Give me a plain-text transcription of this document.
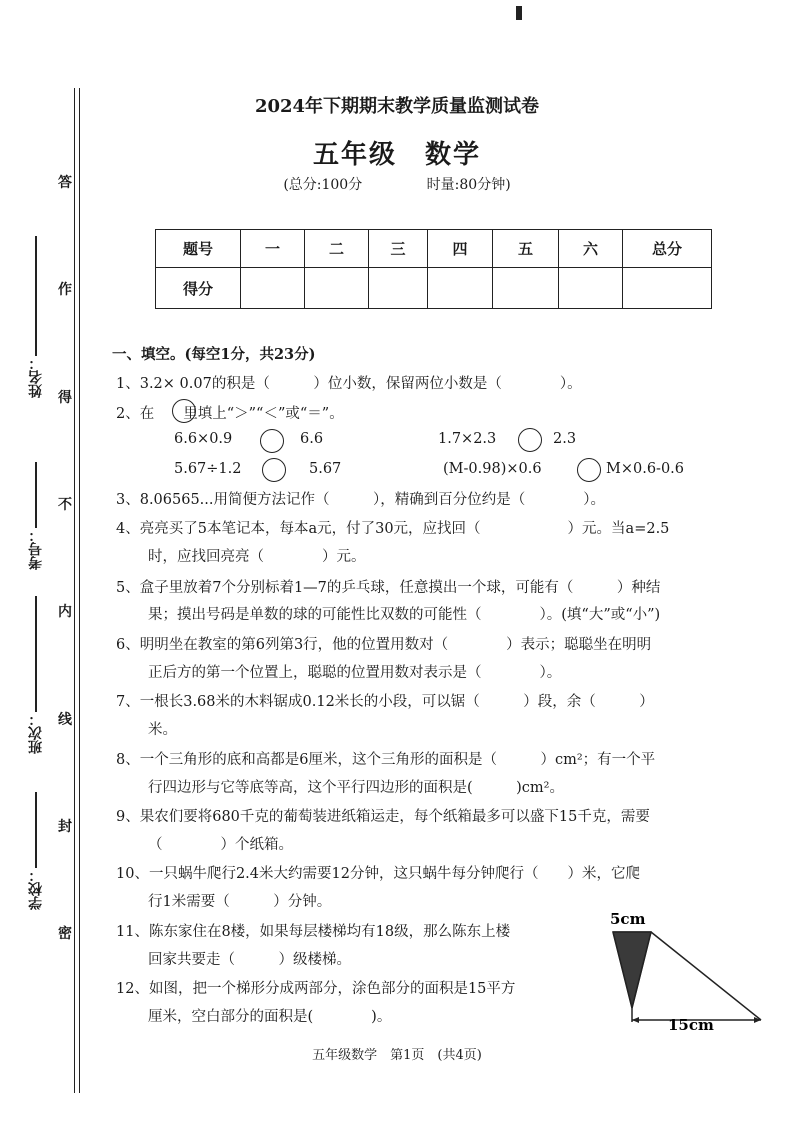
答
作
得
不
内
线
封
密
姓名：
考号：
班次：
学校：
2024年下期期末教学质量监测试卷
五年级　数学
(总分:100分	时量:80分钟)
题号	一	二	三	四	五	六	总分
得分							
一、填空。(每空1分，共23分)
1、3.2× 0.07的积是（　　　）位小数，保留两位小数是（　　　　）。
2、在　　里填上“＞”“＜”或“＝”。
6.6×0.9	6.6	1.7×2.3	2.3
5.67÷1.2	5.67	(M-0.98)×0.6	M×0.6-0.6
3、8.06565...用简便方法记作（　　　），精确到百分位约是（　　　　）。
4、亮亮买了5本笔记本，每本a元，付了30元，应找回（　　　　　　）元。当a=2.5
时，应找回亮亮（　　　　）元。
5、盒子里放着7个分别标着1—7的乒乓球，任意摸出一个球，可能有（　　　）种结
果；摸出号码是单数的球的可能性比双数的可能性（　　　　）。(填“大”或“小”)
6、明明坐在教室的第6列第3行，他的位置用数对（　　　　）表示；聪聪坐在明明
正后方的第一个位置上，聪聪的位置用数对表示是（　　　　）。
7、一根长3.68米的木料锯成0.12米长的小段，可以锯（　　　）段，余（　　　）
米。
8、一个三角形的底和高都是6厘米，这个三角形的面积是（　　　）cm²；有一个平
行四边形与它等底等高，这个平行四边形的面积是(　　　)cm²。
9、果农们要将680千克的葡萄装进纸箱运走，每个纸箱最多可以盛下15千克，需要
（　　　　）个纸箱。
10、一只蜗牛爬行2.4米大约需要12分钟，这只蜗牛每分钟爬行（　　）米，它爬
行1米需要（　　　）分钟。
11、陈东家住在8楼，如果每层楼梯均有18级，那么陈东上楼
回家共要走（　　　）级楼梯。
12、如图，把一个梯形分成两部分，涂色部分的面积是15平方
厘米，空白部分的面积是(　　　　)。
5cm
15cm
五年级数学　第1页　(共4页)
